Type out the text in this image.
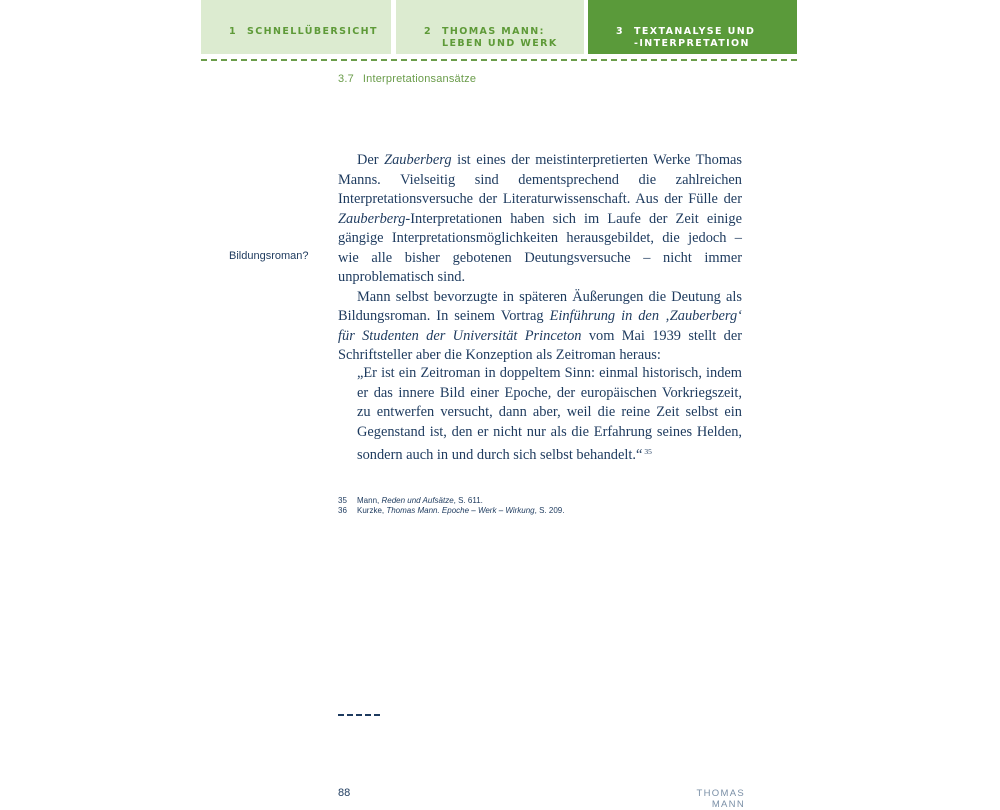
1 SCHNELLÜBERSICHT	2 THOMAS MANN:
LEBEN UND WERK
3 TEXTANALYSE UND
-INTERPRETATION
3.7 Interpretationsansätze
Bildungsroman?

Der Zauberberg ist eines der meistinterpretierten Werke Thomas Manns. Vielseitig sind dementsprechend die zahlreichen Interpretationsversuche der Literaturwissenschaft. Aus der Fülle der Zauberberg-Interpretationen haben sich im Laufe der Zeit einige gängige Interpretationsmöglichkeiten herausgebildet, die jedoch – wie alle bisher gebotenen Deutungsversuche – nicht immer unproblematisch sind.

Mann selbst bevorzugte in späteren Äußerungen die Deutung als Bildungsroman. In seinem Vortrag Einführung in den ‚Zauberberg‘ für Studenten der Universität Princeton vom Mai 1939 stellt der Schriftsteller aber die Konzeption als Zeitroman heraus:

„Er ist ein Zeitroman in doppeltem Sinn: einmal historisch, indem er das innere Bild einer Epoche, der europäischen Vorkriegszeit, zu entwerfen versucht, dann aber, weil die reine Zeit selbst ein Gegenstand ist, den er nicht nur als die Erfahrung seines Helden, sondern auch in und durch sich selbst behandelt.“ $^{35}$
35 Mann, Reden und Aufsätze, S. 611.
36 Kurzke, Thomas Mann. Epoche – Werk – Wirkung, S. 209.
88	THOMAS MANN
